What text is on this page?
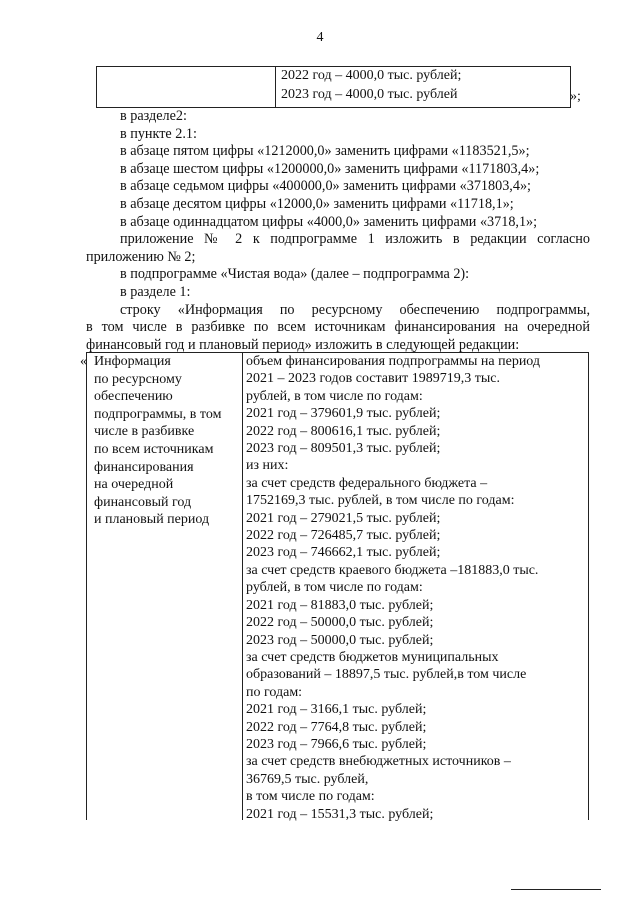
4
2022 год – 4000,0 тыс. рублей;
2023 год – 4000,0 тыс. рублей	»;
в разделе2:
в пункте 2.1:
в абзаце пятом цифры «1212000,0» заменить цифрами «1183521,5»;
в абзаце шестом цифры «1200000,0» заменить цифрами «1171803,4»;
в абзаце седьмом цифры «400000,0» заменить цифрами «371803,4»;
в абзаце десятом цифры «12000,0» заменить цифрами «11718,1»;
в абзаце одиннадцатом цифры «4000,0» заменить цифрами «3718,1»;
приложение № 2 к подпрограмме 1 изложить в редакции согласно
приложению № 2;
в подпрограмме «Чистая вода» (далее – подпрограмма 2):
в разделе 1:
строку «Информация по ресурсному обеспечению подпрограммы,
в том числе в разбивке по всем источникам финансирования на очередной
финансовый год и плановый период» изложить в следующей редакции:
« Информация
по ресурсному
обеспечению
подпрограммы, в том
числе в разбивке
по всем источникам
финансирования
на очередной
финансовый год
и плановый период
объем финансирования подпрограммы на период
2021 – 2023 годов составит 1989719,3 тыс.
рублей, в том числе по годам:
2021 год – 379601,9 тыс. рублей;
2022 год – 800616,1 тыс. рублей;
2023 год – 809501,3 тыс. рублей;
из них:
за счет средств федерального бюджета –
1752169,3 тыс. рублей, в том числе по годам:
2021 год – 279021,5 тыс. рублей;
2022 год – 726485,7 тыс. рублей;
2023 год – 746662,1 тыс. рублей;
за счет средств краевого бюджета –181883,0 тыс.
рублей, в том числе по годам:
2021 год – 81883,0 тыс. рублей;
2022 год – 50000,0 тыс. рублей;
2023 год – 50000,0 тыс. рублей;
за счет средств бюджетов муниципальных
образований – 18897,5 тыс. рублей,в том числе
по годам:
2021 год – 3166,1 тыс. рублей;
2022 год – 7764,8 тыс. рублей;
2023 год – 7966,6 тыс. рублей;
за счет средств внебюджетных источников –
36769,5 тыс. рублей,
в том числе по годам:
2021 год – 15531,3 тыс. рублей;
